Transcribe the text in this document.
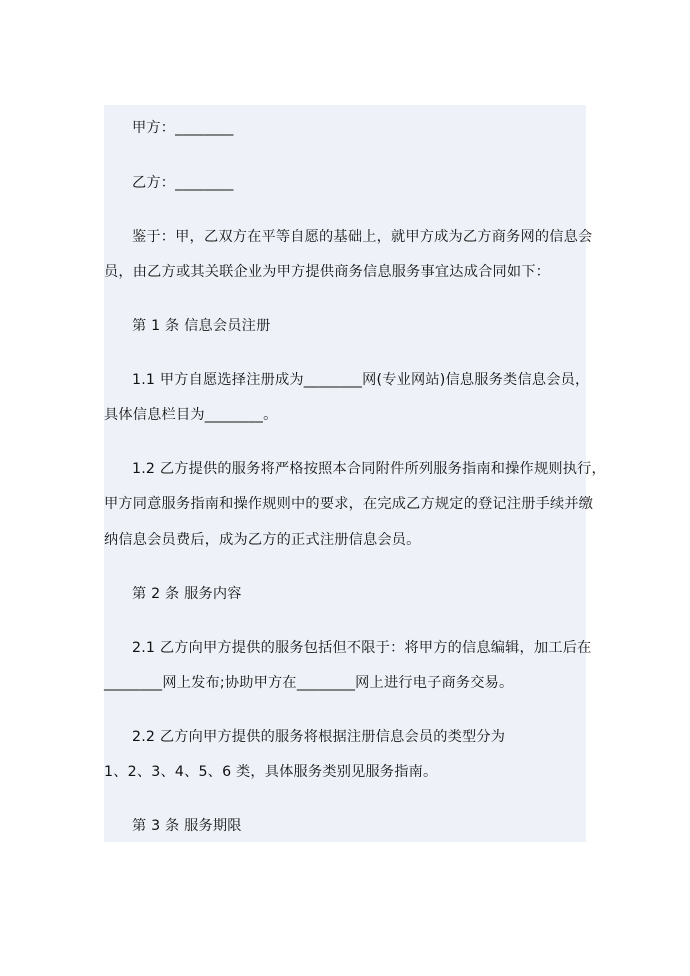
甲方：________
乙方：________
鉴于：甲，乙双方在平等自愿的基础上，就甲方成为乙方商务网的信息会
员，由乙方或其关联企业为甲方提供商务信息服务事宜达成合同如下：
第 1 条 信息会员注册
1.1 甲方自愿选择注册成为________网(专业网站)信息服务类信息会员，
具体信息栏目为________。
1.2 乙方提供的服务将严格按照本合同附件所列服务指南和操作规则执行，
甲方同意服务指南和操作规则中的要求，在完成乙方规定的登记注册手续并缴
纳信息会员费后，成为乙方的正式注册信息会员。
第 2 条 服务内容
2.1 乙方向甲方提供的服务包括但不限于：将甲方的信息编辑，加工后在
________网上发布;协助甲方在________网上进行电子商务交易。
2.2 乙方向甲方提供的服务将根据注册信息会员的类型分为
1、2、3、4、5、6 类，具体服务类别见服务指南。
第 3 条 服务期限
